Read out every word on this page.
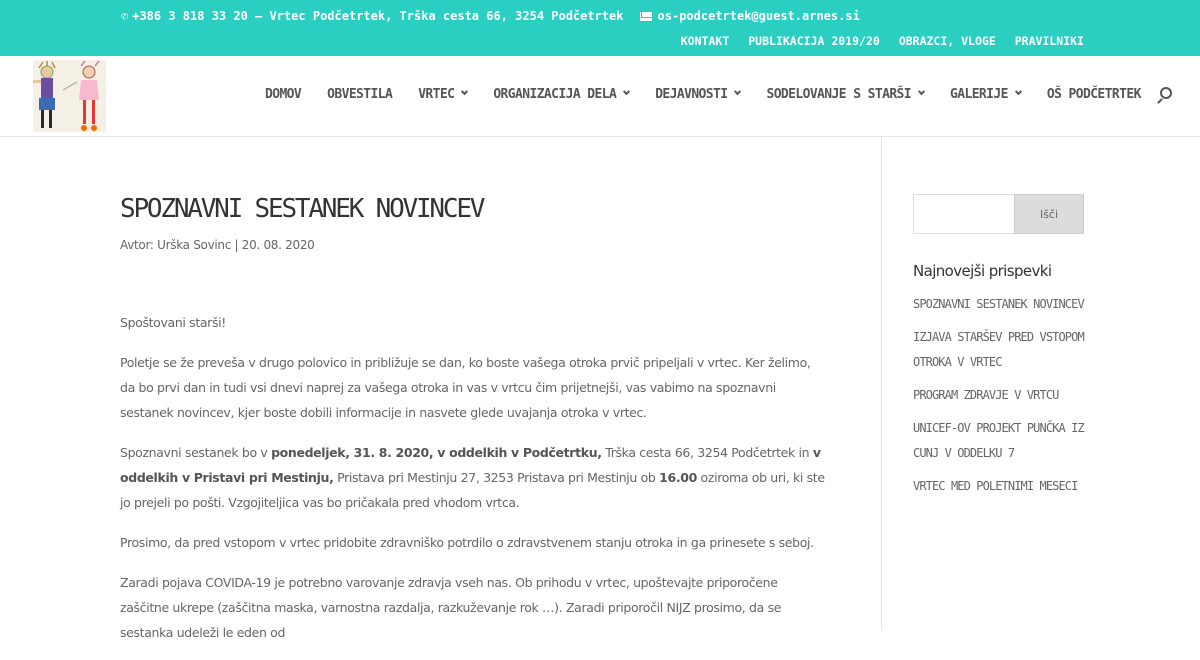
✆ +386 3 818 33 20 – Vrtec Podčetrtek, Trška cesta 66, 3254 Podčetrtek	os-podcetrtek@guest.arnes.si
KONTAKT PUBLIKACIJA 2019/20 OBRAZCI, VLOGE PRAVILNIKI
DOMOV OBVESTILA VRTEC	ORGANIZACIJA DELA	DEJAVNOSTI	SODELOVANJE S STARŠI	GALERIJE	OŠ PODČETRTEK
SPOZNAVNI SESTANEK NOVINCEV
Avtor: Urška Sovinc | 20. 08. 2020

Spoštovani starši!

Poletje se že preveša v drugo polovico in približuje se dan, ko boste vašega otroka prvič pripeljali v vrtec. Ker želimo, da bo prvi dan in tudi vsi dnevi naprej za vašega otroka in vas v vrtcu čim prijetnejši, vas vabimo na spoznavni sestanek novincev, kjer boste dobili informacije in nasvete glede uvajanja otroka v vrtec.

Spoznavni sestanek bo v ponedeljek, 31. 8. 2020, v oddelkih v Podčetrtku, Trška cesta 66, 3254 Podčetrtek in v oddelkih v Pristavi pri Mestinju, Pristava pri Mestinju 27, 3253 Pristava pri Mestinju ob 16.00 oziroma ob uri, ki ste jo prejeli po pošti. Vzgojiteljica vas bo pričakala pred vhodom vrtca.

Prosimo, da pred vstopom v vrtec pridobite zdravniško potrdilo o zdravstvenem stanju otroka in ga prinesete s seboj.

Zaradi pojava COVIDA-19 je potrebno varovanje zdravja vseh nas. Ob prihodu v vrtec, upoštevajte priporočene zaščitne ukrepe (zaščitna maska, varnostna razdalja, razkuževanje rok …). Zaradi priporočil NIJZ prosimo, da se sestanka udeleži le eden od

Išči
Najnovejši prispevki
SPOZNAVNI SESTANEK NOVINCEV
IZJAVA STARŠEV PRED VSTOPOM OTROKA V VRTEC
PROGRAM ZDRAVJE V VRTCU
UNICEF-OV PROJEKT PUNČKA IZ CUNJ V ODDELKU 7
VRTEC MED POLETNIMI MESECI
